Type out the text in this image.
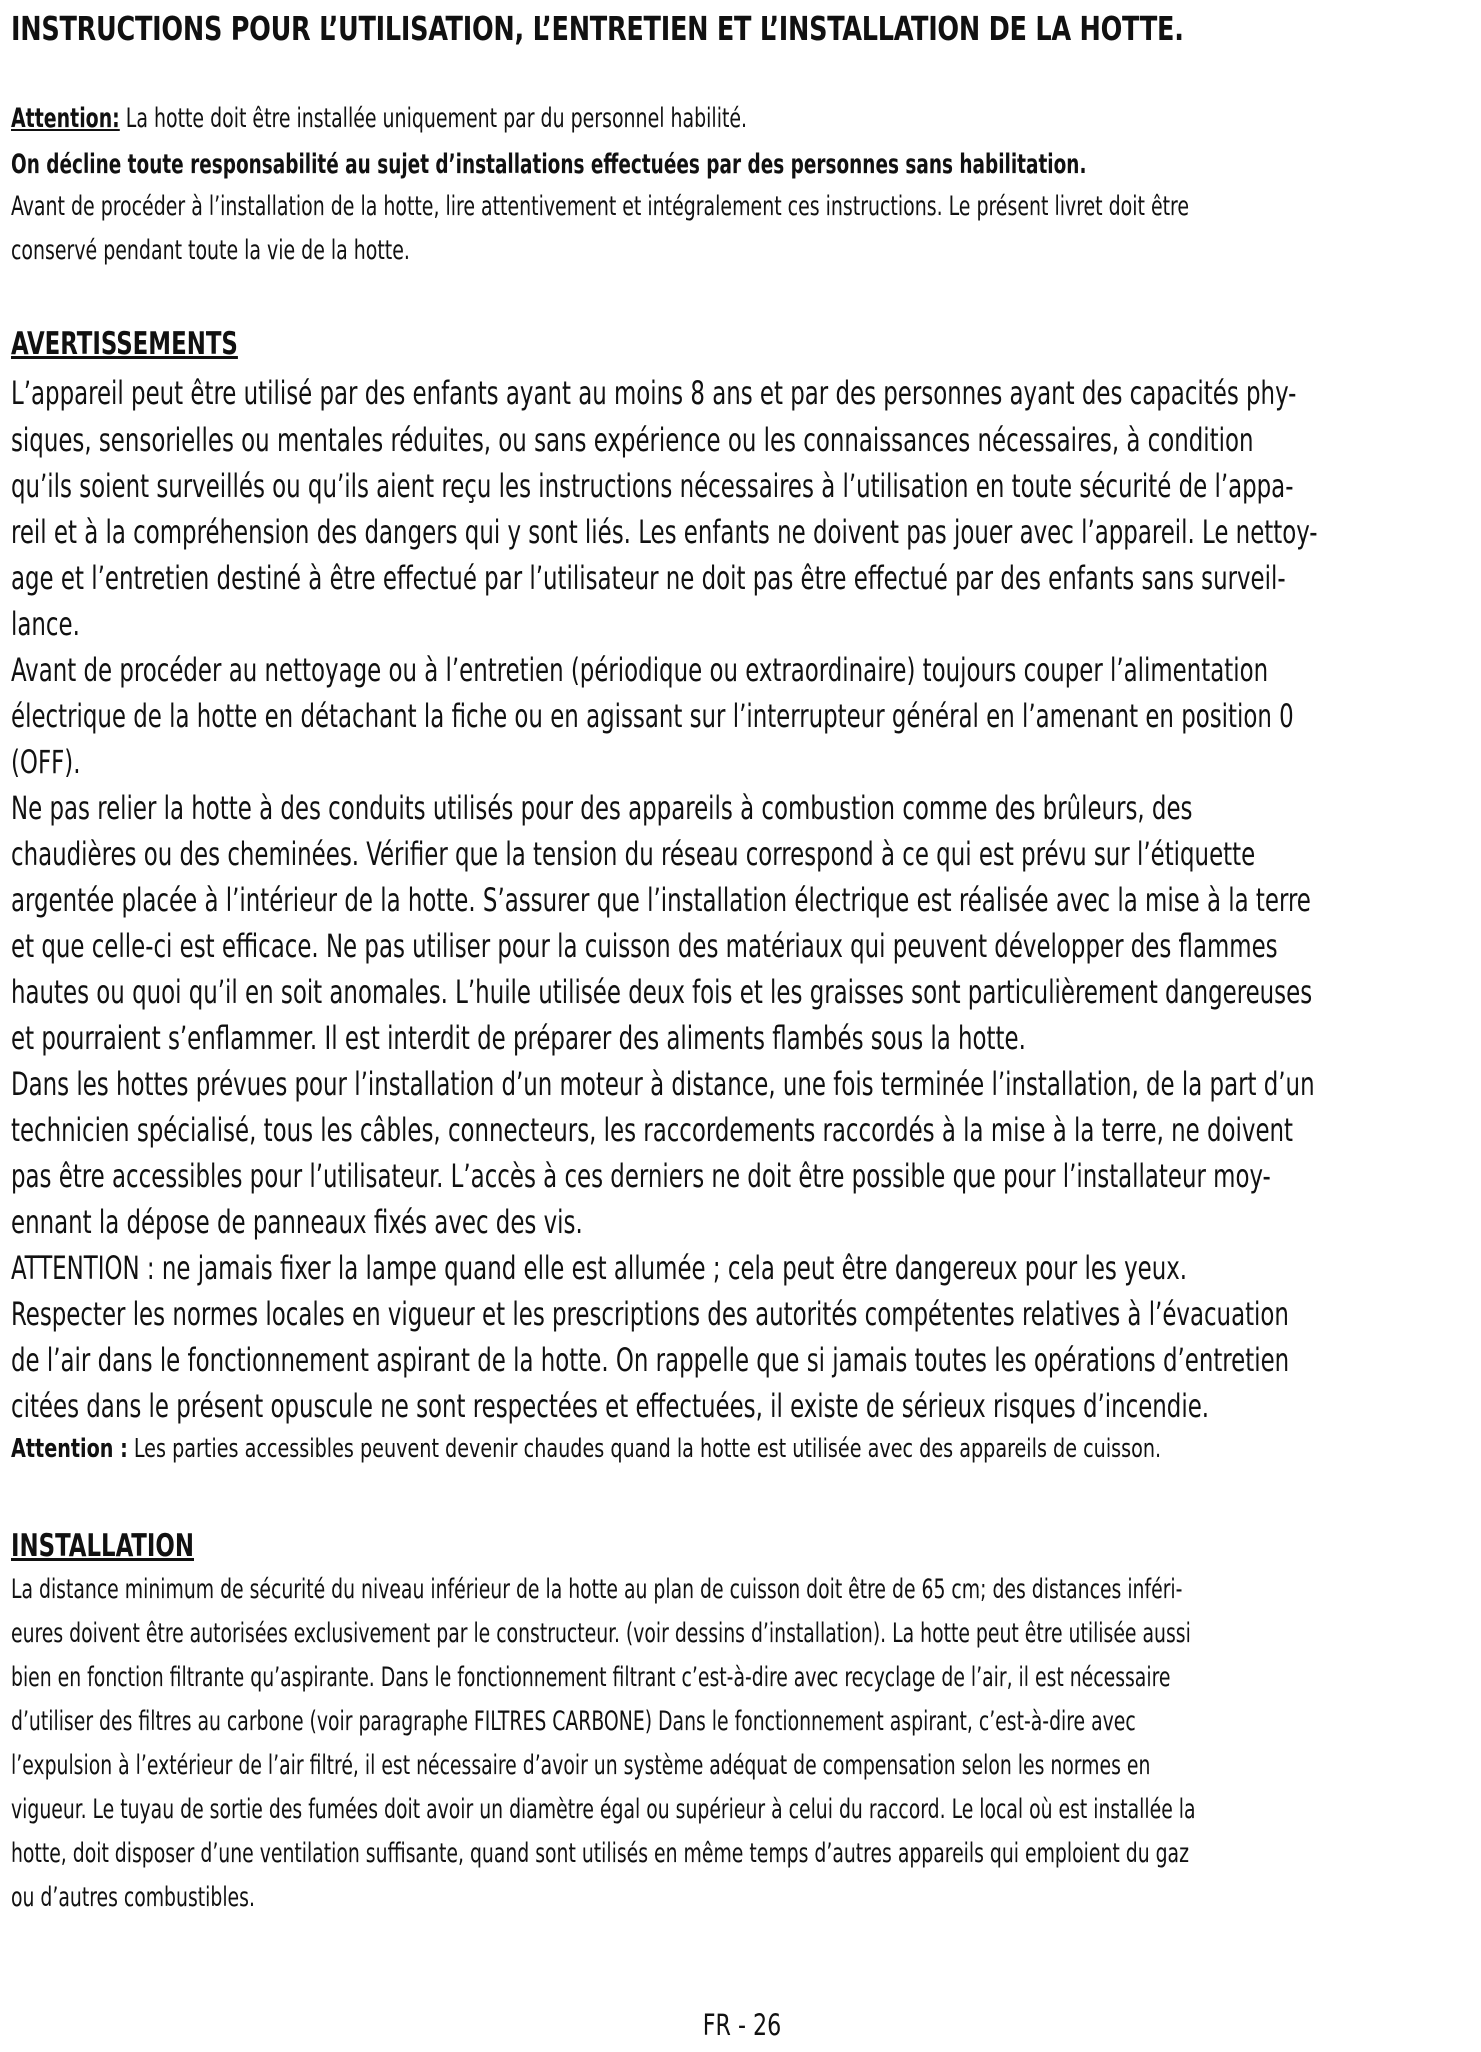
INSTRUCTIONS POUR L’UTILISATION, L’ENTRETIEN ET L’INSTALLATION DE LA HOTTE.

Attention: La hotte doit être installée uniquement par du personnel habilité.

On décline toute responsabilité au sujet d’installations effectuées par des personnes sans habilitation.

Avant de procéder à l’installation de la hotte, lire attentivement et intégralement ces instructions. Le présent livret doit être

conservé pendant toute la vie de la hotte.

AVERTISSEMENTS

L’appareil peut être utilisé par des enfants ayant au moins 8 ans et par des personnes ayant des capacités phy-

siques, sensorielles ou mentales réduites, ou sans expérience ou les connaissances nécessaires, à condition

qu’ils soient surveillés ou qu’ils aient reçu les instructions nécessaires à l’utilisation en toute sécurité de l’appa-

reil et à la compréhension des dangers qui y sont liés. Les enfants ne doivent pas jouer avec l’appareil. Le nettoy-

age et l’entretien destiné à être effectué par l’utilisateur ne doit pas être effectué par des enfants sans surveil-

lance.

Avant de procéder au nettoyage ou à l’entretien (périodique ou extraordinaire) toujours couper l’alimentation

électrique de la hotte en détachant la fiche ou en agissant sur l’interrupteur général en l’amenant en position 0

(OFF).

Ne pas relier la hotte à des conduits utilisés pour des appareils à combustion comme des brûleurs, des

chaudières ou des cheminées. Vérifier que la tension du réseau correspond à ce qui est prévu sur l’étiquette

argentée placée à l’intérieur de la hotte. S’assurer que l’installation électrique est réalisée avec la mise à la terre

et que celle-ci est efficace. Ne pas utiliser pour la cuisson des matériaux qui peuvent développer des flammes

hautes ou quoi qu’il en soit anomales. L’huile utilisée deux fois et les graisses sont particulièrement dangereuses

et pourraient s’enflammer. Il est interdit de préparer des aliments flambés sous la hotte.

Dans les hottes prévues pour l’installation d’un moteur à distance, une fois terminée l’installation, de la part d’un

technicien spécialisé, tous les câbles, connecteurs, les raccordements raccordés à la mise à la terre, ne doivent

pas être accessibles pour l’utilisateur. L’accès à ces derniers ne doit être possible que pour l’installateur moy-

ennant la dépose de panneaux fixés avec des vis.

ATTENTION : ne jamais fixer la lampe quand elle est allumée ; cela peut être dangereux pour les yeux.

Respecter les normes locales en vigueur et les prescriptions des autorités compétentes relatives à l’évacuation

de l’air dans le fonctionnement aspirant de la hotte. On rappelle que si jamais toutes les opérations d’entretien

citées dans le présent opuscule ne sont respectées et effectuées, il existe de sérieux risques d’incendie.

Attention : Les parties accessibles peuvent devenir chaudes quand la hotte est utilisée avec des appareils de cuisson.

INSTALLATION

La distance minimum de sécurité du niveau inférieur de la hotte au plan de cuisson doit être de 65 cm; des distances inféri-

eures doivent être autorisées exclusivement par le constructeur. (voir dessins d’installation). La hotte peut être utilisée aussi

bien en fonction filtrante qu’aspirante. Dans le fonctionnement filtrant c’est-à-dire avec recyclage de l’air, il est nécessaire

d’utiliser des filtres au carbone (voir paragraphe FILTRES CARBONE) Dans le fonctionnement aspirant, c’est-à-dire avec

l’expulsion à l’extérieur de l’air filtré, il est nécessaire d’avoir un système adéquat de compensation selon les normes en

vigueur. Le tuyau de sortie des fumées doit avoir un diamètre égal ou supérieur à celui du raccord. Le local où est installée la

hotte, doit disposer d’une ventilation suffisante, quand sont utilisés en même temps d’autres appareils qui emploient du gaz

ou d’autres combustibles.

FR - 26
